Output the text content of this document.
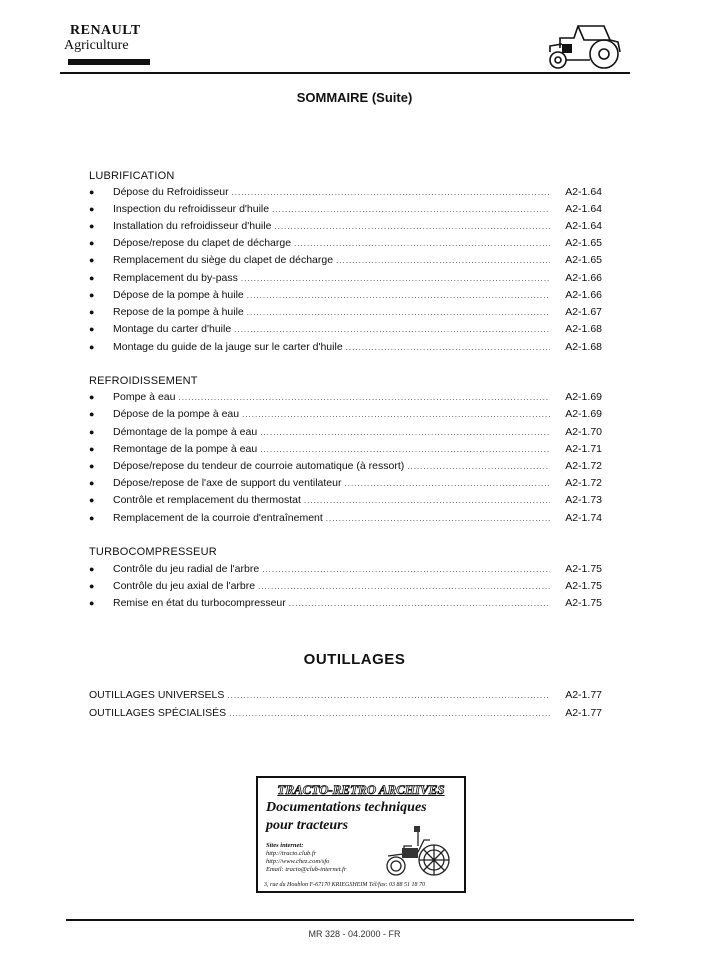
RENAULT
Agriculture
SOMMAIRE (Suite)
LUBRIFICATION
●	Dépose du Refroidisseur .....	A2-1.64
●	Inspection du refroidisseur d'huile .....	A2-1.64
●	Installation du refroidisseur d'huile .....	A2-1.64
●	Dépose/repose du clapet de décharge .....	A2-1.65
●	Remplacement du siège du clapet de décharge .....	A2-1.65
●	Remplacement du by-pass .....	A2-1.66
●	Dépose de la pompe à huile .....	A2-1.66
●	Repose de la pompe à huile .....	A2-1.67
●	Montage du carter d'huile .....	A2-1.68
●	Montage du guide de la jauge sur le carter d'huile .....	A2-1.68
REFROIDISSEMENT
●	Pompe à eau .....	A2-1.69
●	Dépose de la pompe à eau .....	A2-1.69
●	Démontage de la pompe à eau .....	A2-1.70
●	Remontage de la pompe à eau .....	A2-1.71
●	Dépose/repose du tendeur de courroie automatique (à ressort) .....	A2-1.72
●	Dépose/repose de l'axe de support du ventilateur .....	A2-1.72
●	Contrôle et remplacement du thermostat .....	A2-1.73
●	Remplacement de la courroie d'entraînement .....	A2-1.74
TURBOCOMPRESSEUR
●	Contrôle du jeu radial de l'arbre .....	A2-1.75
●	Contrôle du jeu axial de l'arbre .....	A2-1.75
●	Remise en état du turbocompresseur .....	A2-1.75
OUTILLAGES
OUTILLAGES UNIVERSELS .....	A2-1.77
OUTILLAGES SPÉCIALISÉS .....	A2-1.77
TRACTO-RETRO ARCHIVES
Documentations techniques
pour tracteurs
Sites internet:
http://tracto.club.fr
http://www.chez.com/sfo
Email: tracto@club-internet.fr
3, rue du Houblon F-67170 KRIEGSHEIM Tél/fax: 03 88 51 18 70
MR 328 - 04.2000 - FR
